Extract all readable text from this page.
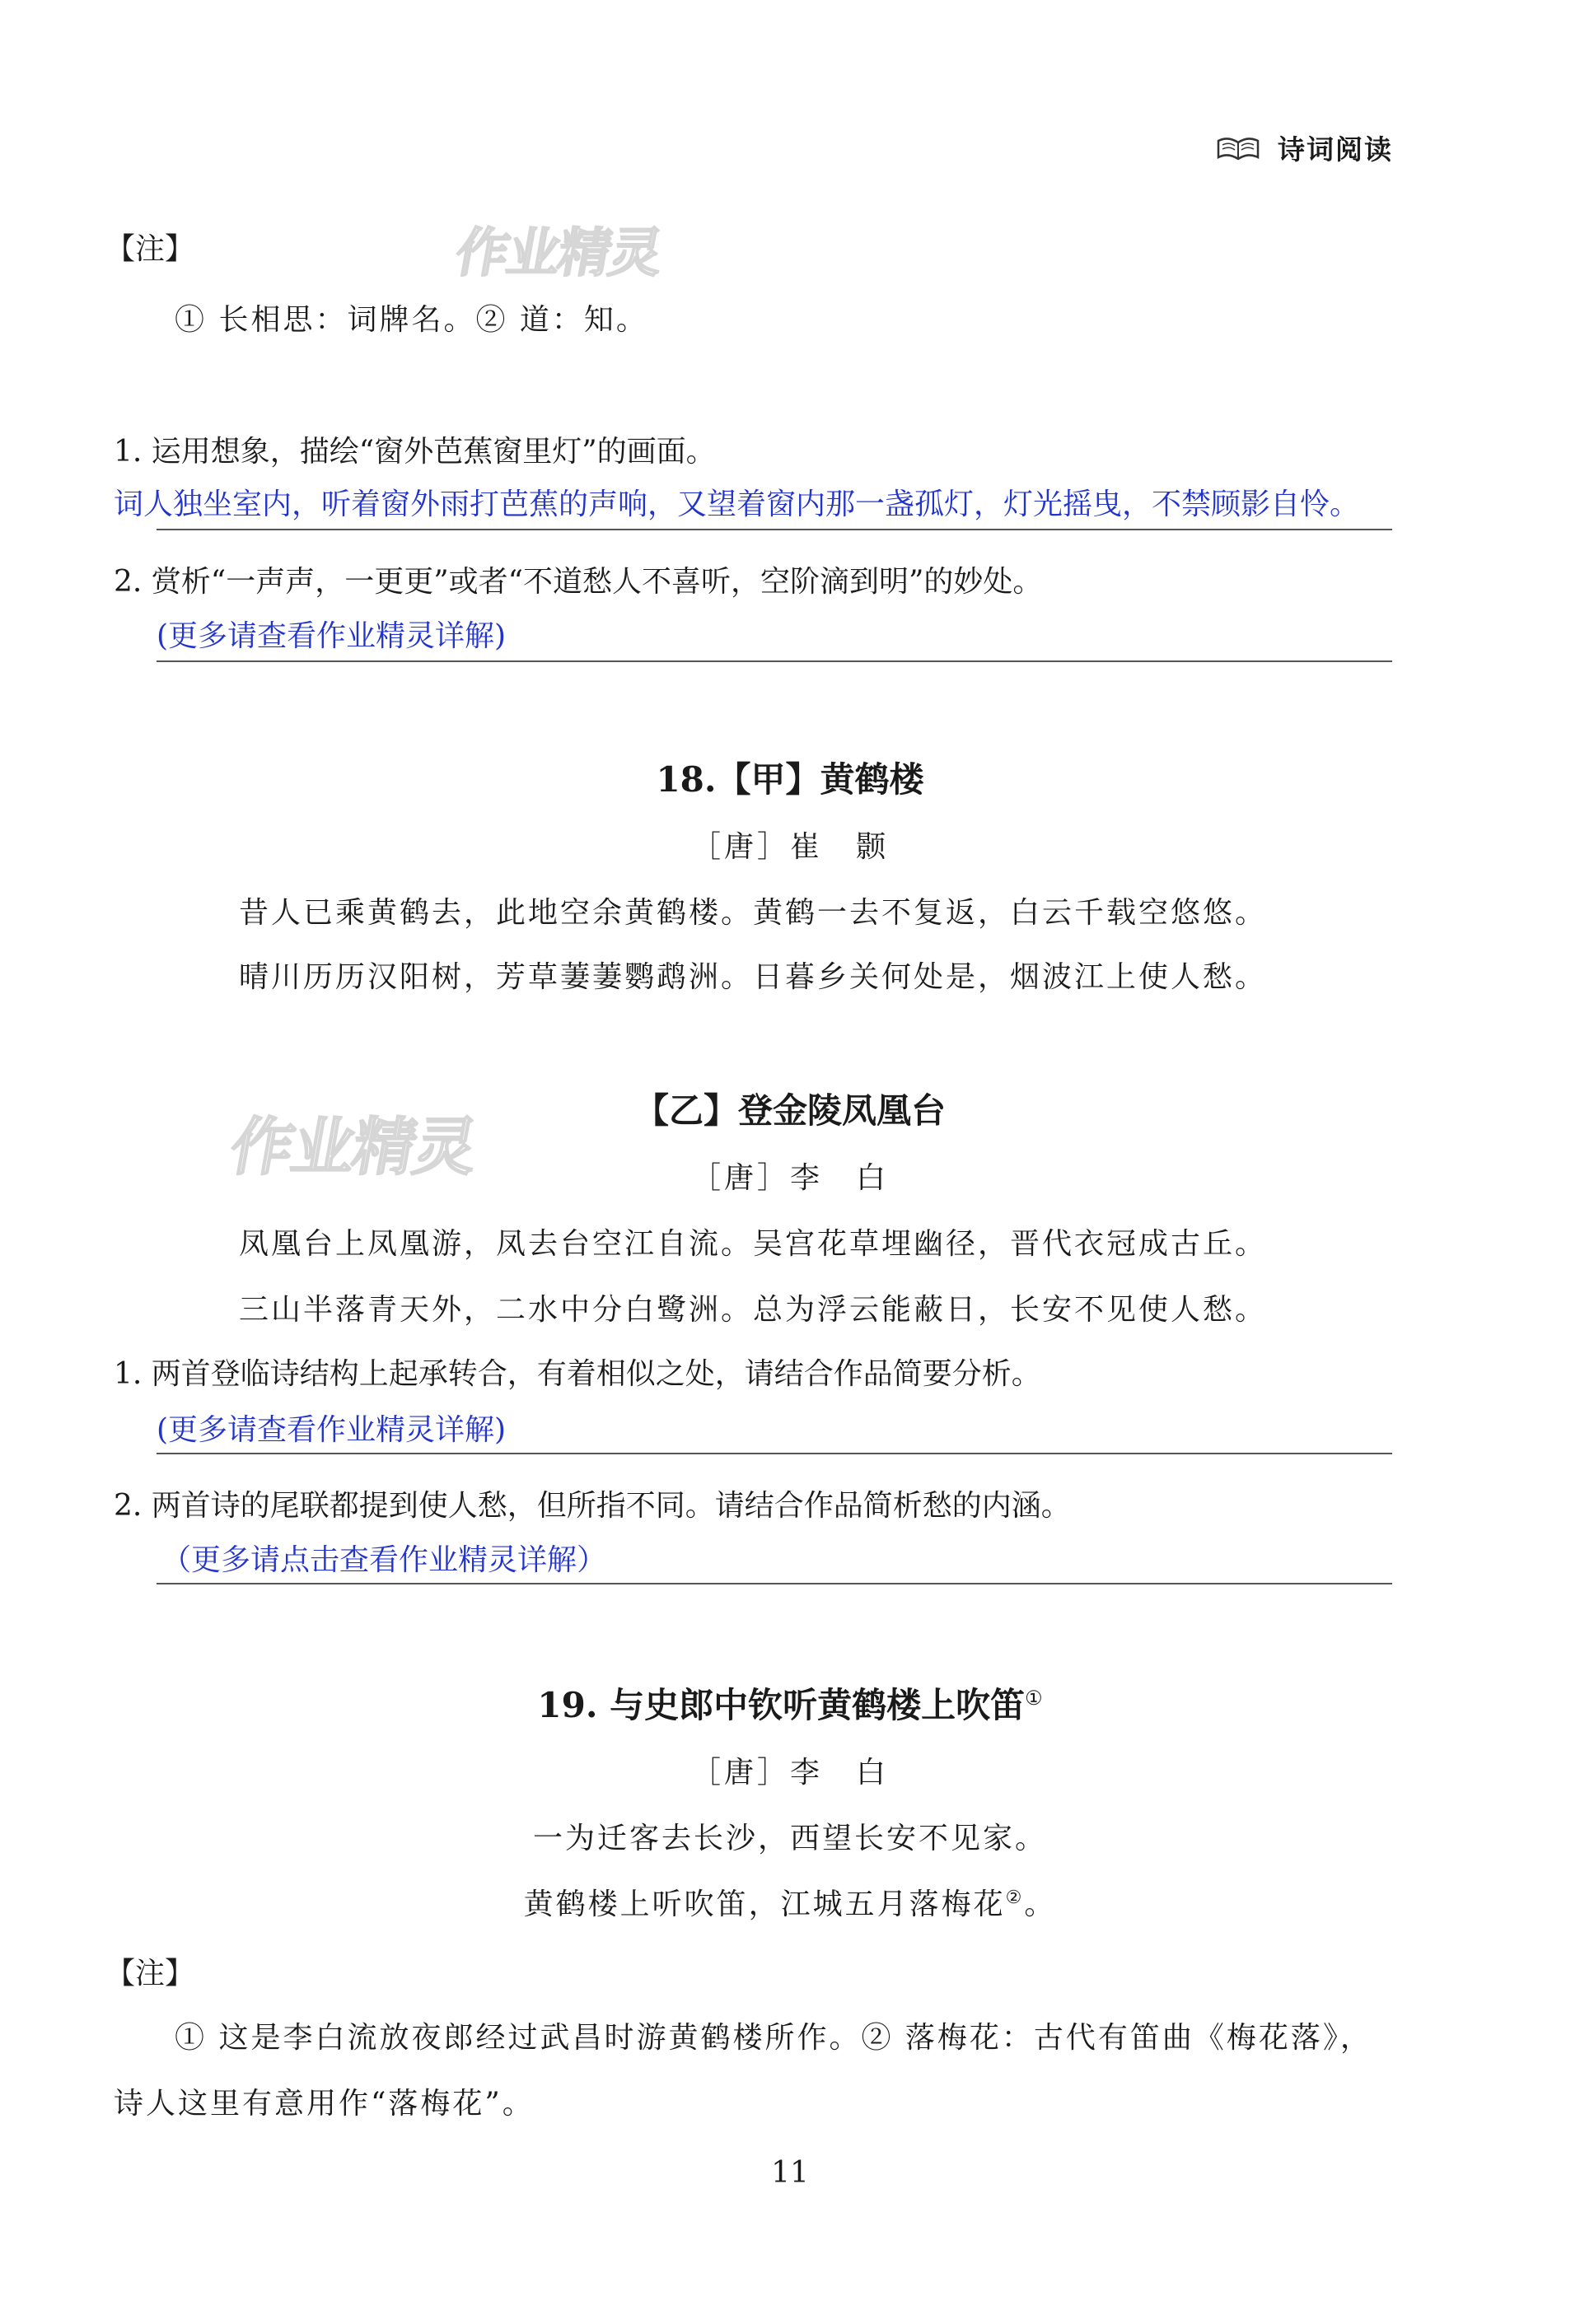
诗词阅读
作业精灵
作业精灵
【注】
① 长相思：词牌名。② 道：知。
1. 运用想象，描绘“窗外芭蕉窗里灯”的画面。
词人独坐室内，听着窗外雨打芭蕉的声响，又望着窗内那一盏孤灯，灯光摇曳，不禁顾影自怜。
2. 赏析“一声声，一更更”或者“不道愁人不喜听，空阶滴到明”的妙处。
(更多请查看作业精灵详解)
18.【甲】黄鹤楼
［唐］崔　颢
昔人已乘黄鹤去，此地空余黄鹤楼。黄鹤一去不复返，白云千载空悠悠。
晴川历历汉阳树，芳草萋萋鹦鹉洲。日暮乡关何处是，烟波江上使人愁。
【乙】登金陵凤凰台
［唐］李　白
凤凰台上凤凰游，凤去台空江自流。吴宫花草埋幽径，晋代衣冠成古丘。
三山半落青天外，二水中分白鹭洲。总为浮云能蔽日，长安不见使人愁。
1. 两首登临诗结构上起承转合，有着相似之处，请结合作品简要分析。
(更多请查看作业精灵详解)
2. 两首诗的尾联都提到使人愁，但所指不同。请结合作品简析愁的内涵。
（更多请点击查看作业精灵详解）
19. 与史郎中钦听黄鹤楼上吹笛①
［唐］李　白
一为迁客去长沙，西望长安不见家。
黄鹤楼上听吹笛，江城五月落梅花②。
【注】
① 这是李白流放夜郎经过武昌时游黄鹤楼所作。② 落梅花：古代有笛曲《梅花落》，
诗人这里有意用作“落梅花”。
11
